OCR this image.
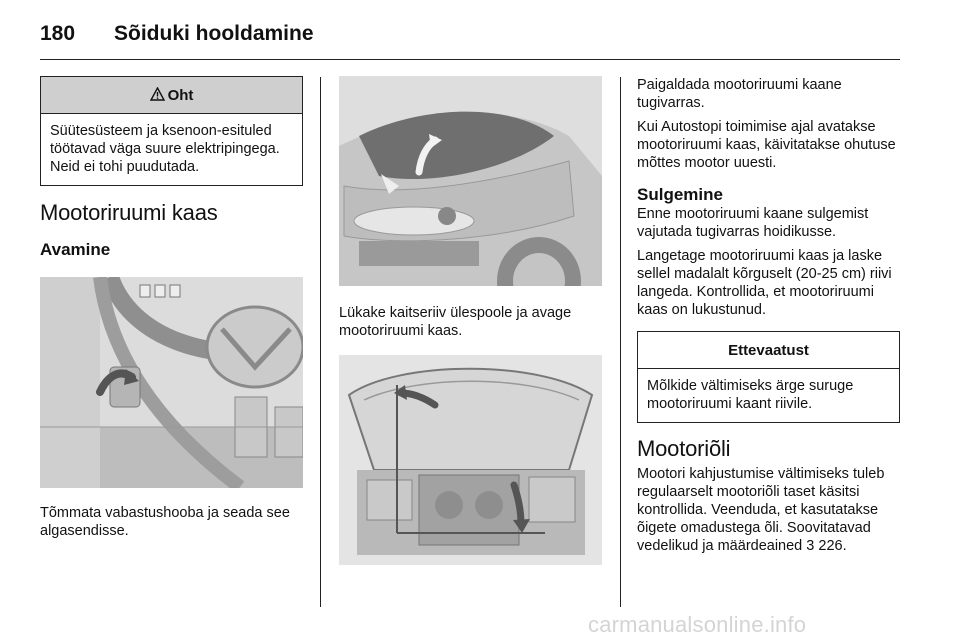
180 Sõiduki hooldamine
Oht
Süütesüsteem ja ksenoon-esituled töötavad väga suure elektripingega. Neid ei tohi puudutada.
Mootoriruumi kaas
Avamine

Tõmmata vabastushooba ja seada see algasendisse.

Lükake kaitseriiv ülespoole ja avage mootoriruumi kaas.

Paigaldada mootoriruumi kaane tugivarras.

Kui Autostopi toimimise ajal avatakse mootoriruumi kaas, käivitatakse ohutuse mõttes mootor uuesti.

Sulgemine

Enne mootoriruumi kaane sulgemist vajutada tugivarras hoidikusse.

Langetage mootoriruumi kaas ja laske sellel madalalt kõrguselt (20-25 cm) riivi langeda. Kontrollida, et mootoriruumi kaas on lukustunud.

Ettevaatust
Mõlkide vältimiseks ärge suruge mootoriruumi kaant riivile.
Mootoriõli

Mootori kahjustumise vältimiseks tuleb regulaarselt mootoriõli taset käsitsi kontrollida. Veenduda, et kasutatakse õigete omadustega õli. Soovitatavad vedelikud ja määrdeained 3 226.

carmanualsonline.info
